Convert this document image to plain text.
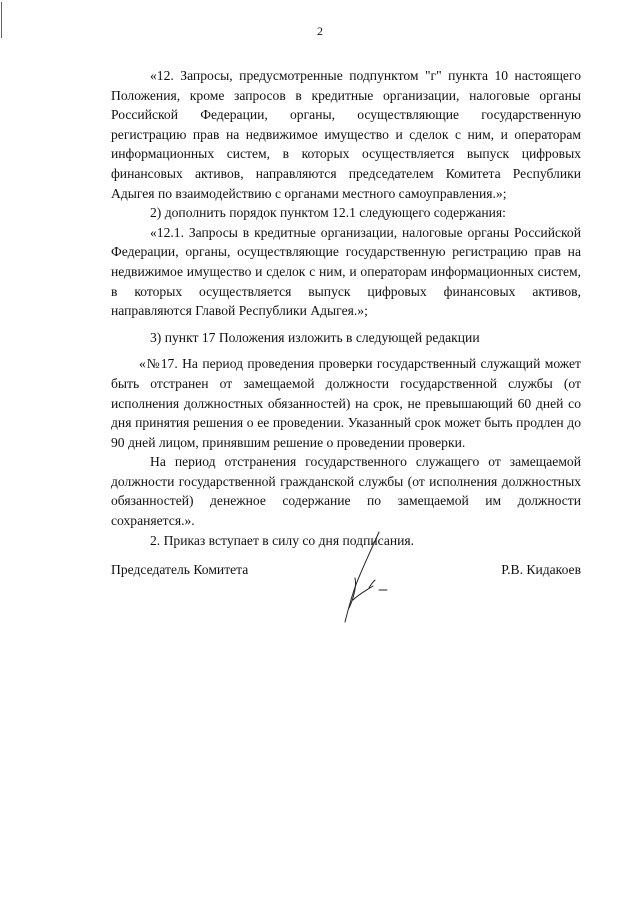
2

«12. Запросы, предусмотренные подпунктом "г" пункта 10 настоящего Положения, кроме запросов в кредитные организации, налоговые органы Российской Федерации, органы, осуществляющие государственную регистрацию прав на недвижимое имущество и сделок с ним, и операторам информационных систем, в которых осуществляется выпуск цифровых финансовых активов, направляются председателем Комитета Республики Адыгея по взаимодействию с органами местного самоуправления.»;

2) дополнить порядок пунктом 12.1 следующего содержания:

«12.1. Запросы в кредитные организации, налоговые органы Российской Федерации, органы, осуществляющие государственную регистрацию прав на недвижимое имущество и сделок с ним, и операторам информационных систем, в которых осуществляется выпуск цифровых финансовых активов, направляются Главой Республики Адыгея.»;

3) пункт 17 Положения изложить в следующей редакции

«№17. На период проведения проверки государственный служащий может быть отстранен от замещаемой должности государственной службы (от исполнения должностных обязанностей) на срок, не превышающий 60 дней со дня принятия решения о ее проведении. Указанный срок может быть продлен до 90 дней лицом, принявшим решение о проведении проверки.

На период отстранения государственного служащего от замещаемой должности государственной гражданской службы (от исполнения должностных обязанностей) денежное содержание по замещаемой им должности сохраняется.».

2. Приказ вступает в силу со дня подписания.

Председатель Комитета	Р.В. Кидакоев
